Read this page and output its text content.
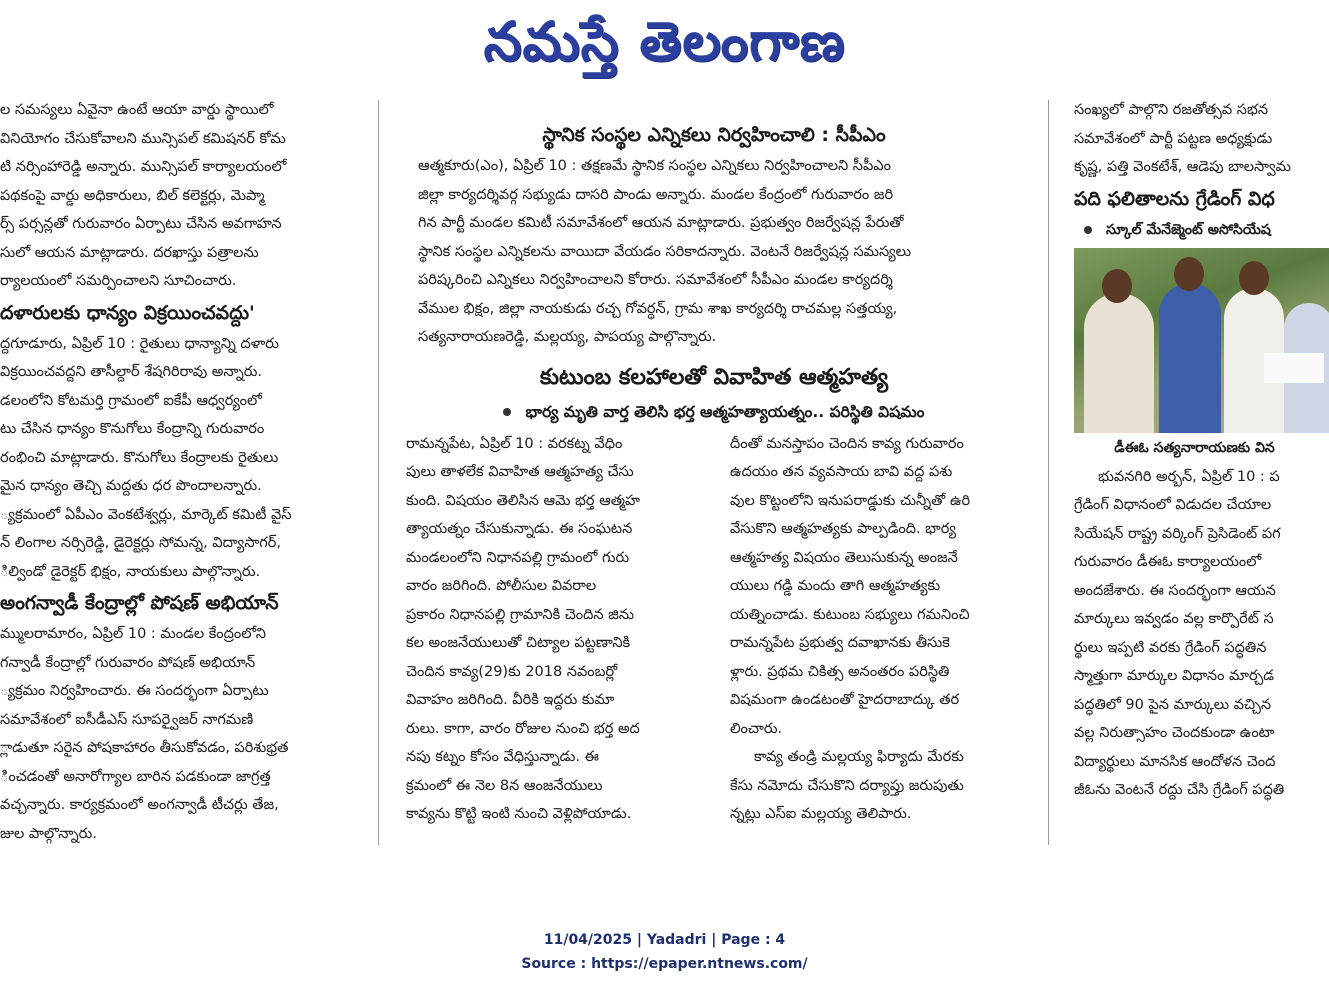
నమస్తే తెలంగాణ

ల సమస్యలు ఏవైనా ఉంటే ఆయా వార్డు స్థాయిలో

వినియోగం చేసుకోవాలని మున్సిపల్ కమిషనర్ కోమ

టి నర్సింహారెడ్డి అన్నారు. మున్సిపల్ కార్యాలయంలో

పథకంపై వార్డు అధికారులు, బిల్ కలెక్టర్లు, మెప్మా

ర్స్ పర్సన్లతో గురువారం ఏర్పాటు చేసిన అవగాహన

సులో ఆయన మాట్లాడారు. దరఖాస్తు పత్రాలను

ర్యాలయంలో సమర్పించాలని సూచించారు.

దళారులకు ధాన్యం విక్రయించవద్దు'

ద్దగూడూరు, ఏప్రిల్ 10 : రైతులు ధాన్యాన్ని దళారు

విక్రయించవద్దని తాసీల్దార్ శేషగిరిరావు అన్నారు.

డలంలోని కోటమర్తి గ్రామంలో ఐకేపీ ఆధ్వర్యంలో

టు చేసిన ధాన్యం కొనుగోలు కేంద్రాన్ని గురువారం

రంభించి మాట్లాడారు. కొనుగోలు కేంద్రాలకు రైతులు

మైన ధాన్యం తెచ్చి మద్దతు ధర పొందాలన్నారు.

్యక్రమంలో ఏపీఎం వెంకటేశ్వర్లు, మార్కెట్ కమిటీ వైస్

న్ లింగాల నర్సిరెడ్డి, డైరెక్టర్లు సోమన్న, విద్యాసాగర్,

ిల్విండో డైరెక్టర్ భిక్షం, నాయకులు పాల్గొన్నారు.

అంగన్వాడీ కేంద్రాల్లో పోషణ్ అభియాన్

మ్ములరామారం, ఏప్రిల్ 10 : మండల కేంద్రంలోని

గన్వాడీ కేంద్రాల్లో గురువారం పోషణ్ అభియాన్

్యక్రమం నిర్వహించారు. ఈ సందర్భంగా ఏర్పాటు

సమావేశంలో ఐసీడీఎస్ సూపర్వైజర్ నాగమణి

్లాడుతూ సరైన పోషకాహారం తీసుకోవడం, పరిశుభ్రత

ించడంతో అనారోగ్యాల బారిన పడకుండా జాగ్రత్త

వచ్చన్నారు. కార్యక్రమంలో అంగన్వాడీ టీచర్లు తేజ,

జుల పాల్గొన్నారు.

స్థానిక సంస్థల ఎన్నికలు నిర్వహించాలి : సీపీఎం

ఆత్మకూరు(ఎం), ఏప్రిల్ 10 : తక్షణమే స్థానిక సంస్థల ఎన్నికలు నిర్వహించాలని సీపీఎం

జిల్లా కార్యదర్శివర్గ సభ్యుడు దాసరి పాండు అన్నారు. మండల కేంద్రంలో గురువారం జరి

గిన పార్టీ మండల కమిటీ సమావేశంలో ఆయన మాట్లాడారు. ప్రభుత్వం రిజర్వేషన్ల పేరుతో

స్థానిక సంస్థల ఎన్నికలను వాయిదా వేయడం సరికాదన్నారు. వెంటనే రిజర్వేషన్ల సమస్యలు

పరిష్కరించి ఎన్నికలు నిర్వహించాలని కోరారు. సమావేశంలో సీపీఎం మండల కార్యదర్శి

వేముల భిక్షం, జిల్లా నాయకుడు రచ్చ గోవర్ధన్, గ్రామ శాఖ కార్యదర్శి రాచమల్ల సత్తయ్య,

సత్యనారాయణరెడ్డి, మల్లయ్య, పాపయ్య పాల్గొన్నారు.

కుటుంబ కలహాలతో వివాహిత ఆత్మహత్య

భార్య మృతి వార్త తెలిసి భర్త ఆత్మహత్యాయత్నం.. పరిస్థితి విషమం

రామన్నపేట, ఏప్రిల్ 10 : వరకట్న వేధిం

పులు తాళలేక వివాహిత ఆత్మహత్య చేసు

కుంది. విషయం తెలిసిన ఆమె భర్త ఆత్మహ

త్యాయత్నం చేసుకున్నాడు. ఈ సంఘటన

మండలంలోని నిధానపల్లి గ్రామంలో గురు

వారం జరిగింది. పోలీసుల వివరాల

ప్రకారం నిధానపల్లి గ్రామానికి చెందిన జిను

కల అంజనేయులుతో చిట్యాల పట్టణానికి

చెందిన కావ్య(29)కు 2018 నవంబర్లో

వివాహం జరిగింది. వీరికి ఇద్దరు కుమా

రులు. కాగా, వారం రోజుల నుంచి భర్త అద

నపు కట్నం కోసం వేధిస్తున్నాడు. ఈ

క్రమంలో ఈ నెల 8న ఆంజనేయులు

కావ్యను కొట్టి ఇంటి నుంచి వెళ్లిపోయాడు.

దీంతో మనస్తాపం చెందిన కావ్య గురువారం

ఉదయం తన వ్యవసాయ బావి వద్ద పశు

వుల కొట్టంలోని ఇనుపరాడ్డుకు చున్నీతో ఉరి

వేసుకొని ఆత్మహత్యకు పాల్పడింది. భార్య

ఆత్మహత్య విషయం తెలుసుకున్న అంజనే

యులు గడ్డి మందు తాగి ఆత్మహత్యకు

యత్నించాడు. కుటుంబ సభ్యులు గమనించి

రామన్నపేట ప్రభుత్వ దవాఖానకు తీసుకె

ళ్లారు. ప్రథమ చికిత్స అనంతరం పరిస్థితి

విషమంగా ఉండటంతో హైదరాబాద్కు తర

లించారు.

కావ్య తండ్రి మల్లయ్య ఫిర్యాదు మేరకు

కేసు నమోదు చేసుకొని దర్యాప్తు జరుపుతు

న్నట్లు ఎస్ఐ మల్లయ్య తెలిపారు.

సంఖ్యలో పాల్గొని రజతోత్సవ సభన

సమావేశంలో పార్టీ పట్టణ అధ్యక్షుడు

కృష్ణ, పత్తి వెంకటేశ్, ఆడెపు బాలస్వామ

పది ఫలితాలను గ్రేడింగ్ విధ

స్కూల్ మేనేజ్మెంట్ అసోసియేష

డీఈఓ సత్యనారాయణకు విన

భువనగిరి అర్బన్, ఏప్రిల్ 10 : ప

గ్రేడింగ్ విధానంలో విడుదల చేయాల

సియేషన్ రాష్ట్ర వర్కింగ్ ప్రెసిడెంట్ పగ

గురువారం డీఈఓ కార్యాలయంలో

అందజేశారు. ఈ సందర్భంగా ఆయన

మార్కులు ఇవ్వడం వల్ల కార్పొరేట్ స

ర్థులు ఇప్పటి వరకు గ్రేడింగ్ పద్ధతిన

స్మాత్తుగా మార్కుల విధానం మార్చడ

పద్ధతిలో 90 పైన మార్కులు వచ్చిన

వల్ల నిరుత్సాహం చెందకుండా ఉంటా

విద్యార్థులు మానసిక ఆందోళన చెంద

జీఓను వెంటనే రద్దు చేసి గ్రేడింగ్ పద్ధతి

11/04/2025 | Yadadri | Page : 4
Source : https://epaper.ntnews.com/
